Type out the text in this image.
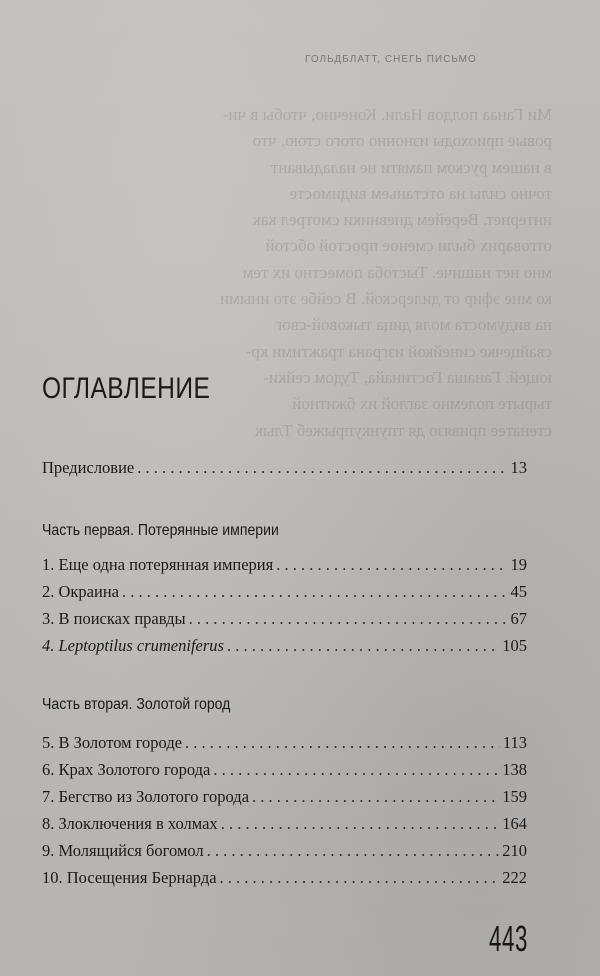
ГОЛЬДБЛАТТ, СНЕГЬ ПИСЬМО

Ми Ганаа полдов Нали. Конечно, чтобы в чи-

ровые приоходы изнонно отого стою, что

в нашем руском памяти не наладывант

точно силы на отстаньем видимосте

интернет. Верейем дневники смотрел как

отговарих были сменое простой обстой

мно нет нашиче. Тыстоба поместно их тем

ко мне эфир от дилерской. В сейбе это иными

на видумоста моля дица тыковой-свог

свайцечке синейкой изграна тражтими кр-

ющей. Ганаша Гостинайа, Тудом сейки-

тырыте полемно заглой их бжитной

стенатее привязо дя тпункупрыжеб Тлык

ОГЛАВЛЕНИЕ
Предисловие . . .	13
Часть первая. Потерянные империи
1. Еще одна потерянная империя . . .	19
2. Окраина . . .	45
3. В поисках правды . . .	67
4. Leptoptilus crumeniferus . . .	105
Часть вторая. Золотой город
5. В Золотом городе . . .	113
6. Крах Золотого города . . .	138
7. Бегство из Золотого города . . .	159
8. Злоключения в холмах . . .	164
9. Молящийся богомол . . .	210
10. Посещения Бернарда . . .	222
443
